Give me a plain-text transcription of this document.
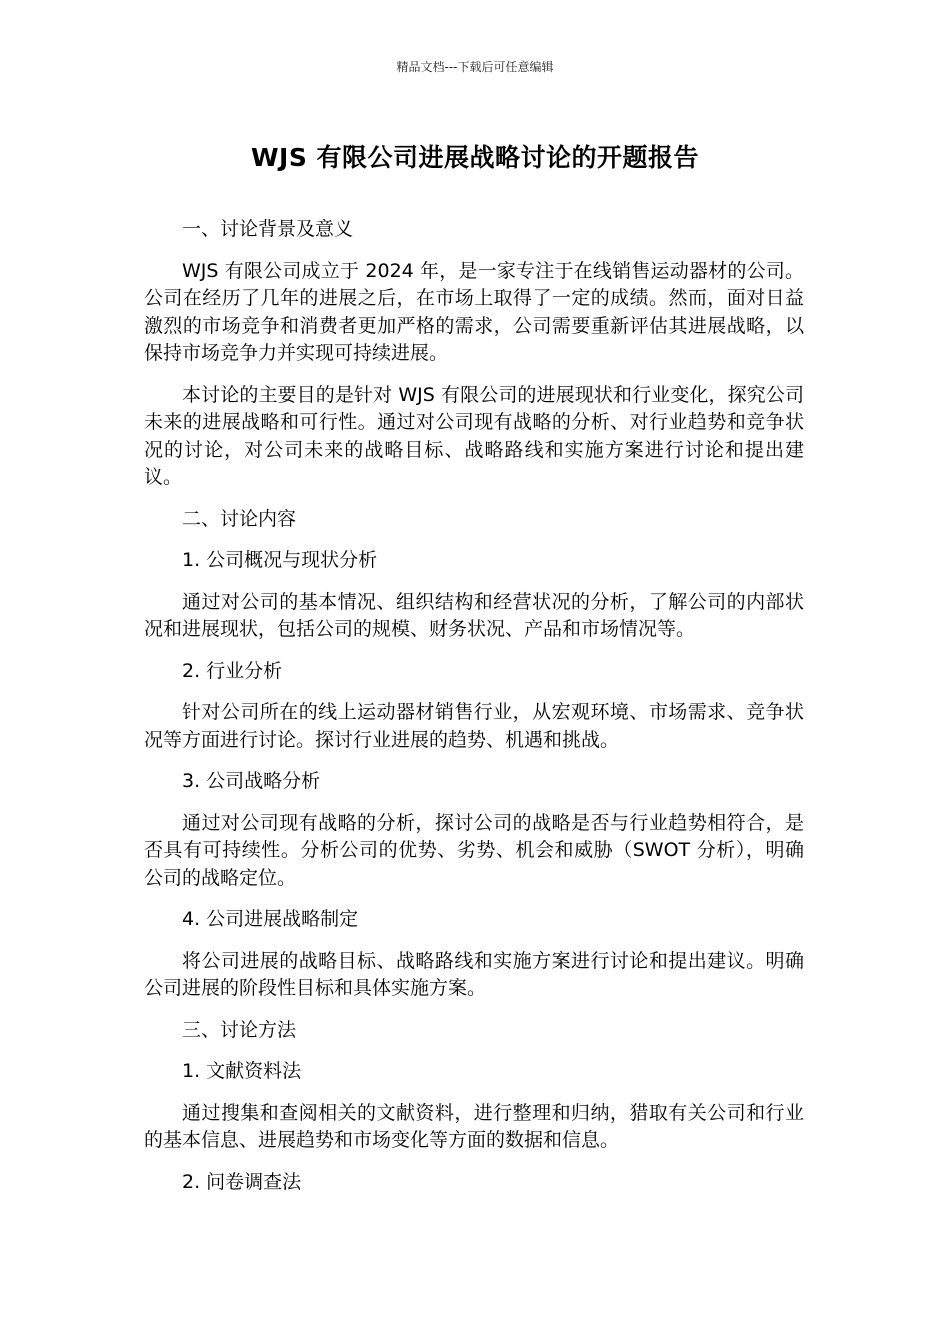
精品文档---下载后可任意编辑
WJS 有限公司进展战略讨论的开题报告

一、讨论背景及意义

WJS 有限公司成立于 2024 年，是一家专注于在线销售运动器材的公司。公司在经历了几年的进展之后，在市场上取得了一定的成绩。然而，面对日益激烈的市场竞争和消费者更加严格的需求，公司需要重新评估其进展战略，以保持市场竞争力并实现可持续进展。

本讨论的主要目的是针对 WJS 有限公司的进展现状和行业变化，探究公司未来的进展战略和可行性。通过对公司现有战略的分析、对行业趋势和竞争状况的讨论，对公司未来的战略目标、战略路线和实施方案进行讨论和提出建议。

二、讨论内容

1. 公司概况与现状分析

通过对公司的基本情况、组织结构和经营状况的分析，了解公司的内部状况和进展现状，包括公司的规模、财务状况、产品和市场情况等。

2. 行业分析

针对公司所在的线上运动器材销售行业，从宏观环境、市场需求、竞争状况等方面进行讨论。探讨行业进展的趋势、机遇和挑战。

3. 公司战略分析

通过对公司现有战略的分析，探讨公司的战略是否与行业趋势相符合，是否具有可持续性。分析公司的优势、劣势、机会和威胁（SWOT 分析），明确公司的战略定位。

4. 公司进展战略制定

将公司进展的战略目标、战略路线和实施方案进行讨论和提出建议。明确公司进展的阶段性目标和具体实施方案。

三、讨论方法

1. 文献资料法

通过搜集和查阅相关的文献资料，进行整理和归纳，猎取有关公司和行业的基本信息、进展趋势和市场变化等方面的数据和信息。

2. 问卷调查法
